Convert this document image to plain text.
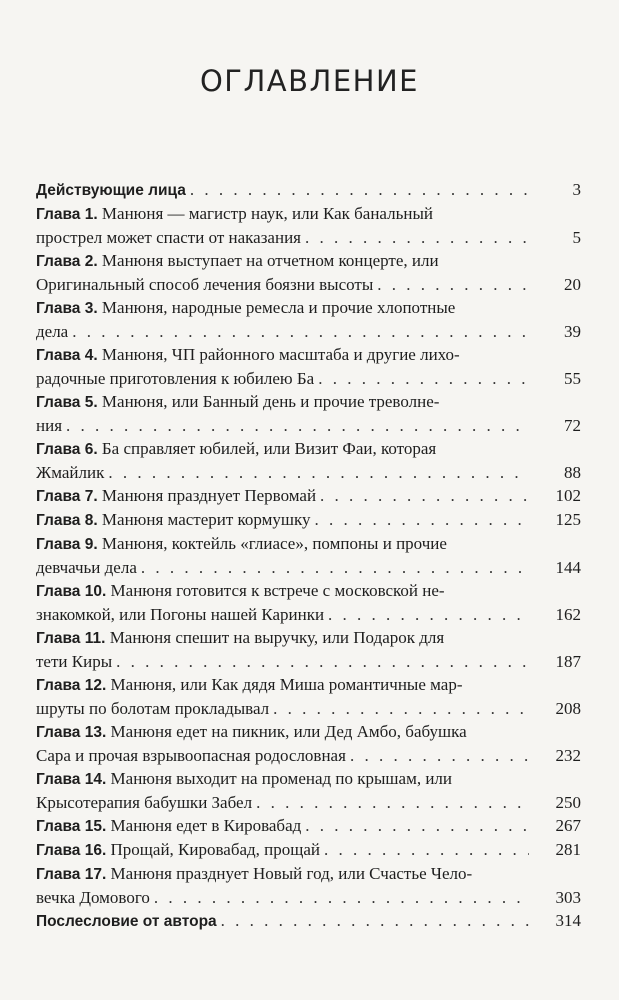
ОГЛАВЛЕНИЕ
Действующие лица . . .	3
Глава 1. Манюня — магистр наук, или Как банальный
прострел может спасти от наказания . . .	5
Глава 2. Манюня выступает на отчетном концерте, или
Оригинальный способ лечения боязни высоты . . .	20
Глава 3. Манюня, народные ремесла и прочие хлопотные
дела . . .	39
Глава 4. Манюня, ЧП районного масштаба и другие лихо-
радочные приготовления к юбилею Ба . . .	55
Глава 5. Манюня, или Банный день и прочие треволне-
ния . . .	72
Глава 6. Ба справляет юбилей, или Визит Фаи, которая
Жмайлик . . .	88
Глава 7. Манюня празднует Первомай . . .	102
Глава 8. Манюня мастерит кормушку . . .	125
Глава 9. Манюня, коктейль «глиасе», помпоны и прочие
девчачьи дела . . .	144
Глава 10. Манюня готовится к встрече с московской не-
знакомкой, или Погоны нашей Каринки . . .	162
Глава 11. Манюня спешит на выручку, или Подарок для
тети Киры . . .	187
Глава 12. Манюня, или Как дядя Миша романтичные мар-
шруты по болотам прокладывал . . .	208
Глава 13. Манюня едет на пикник, или Дед Амбо, бабушка
Сара и прочая взрывоопасная родословная . . .	232
Глава 14. Манюня выходит на променад по крышам, или
Крысотерапия бабушки Забел . . .	250
Глава 15. Манюня едет в Кировабад . . .	267
Глава 16. Прощай, Кировабад, прощай . . .	281
Глава 17. Манюня празднует Новый год, или Счастье Чело-
вечка Домового . . .	303
Послесловие от автора . . .	314
